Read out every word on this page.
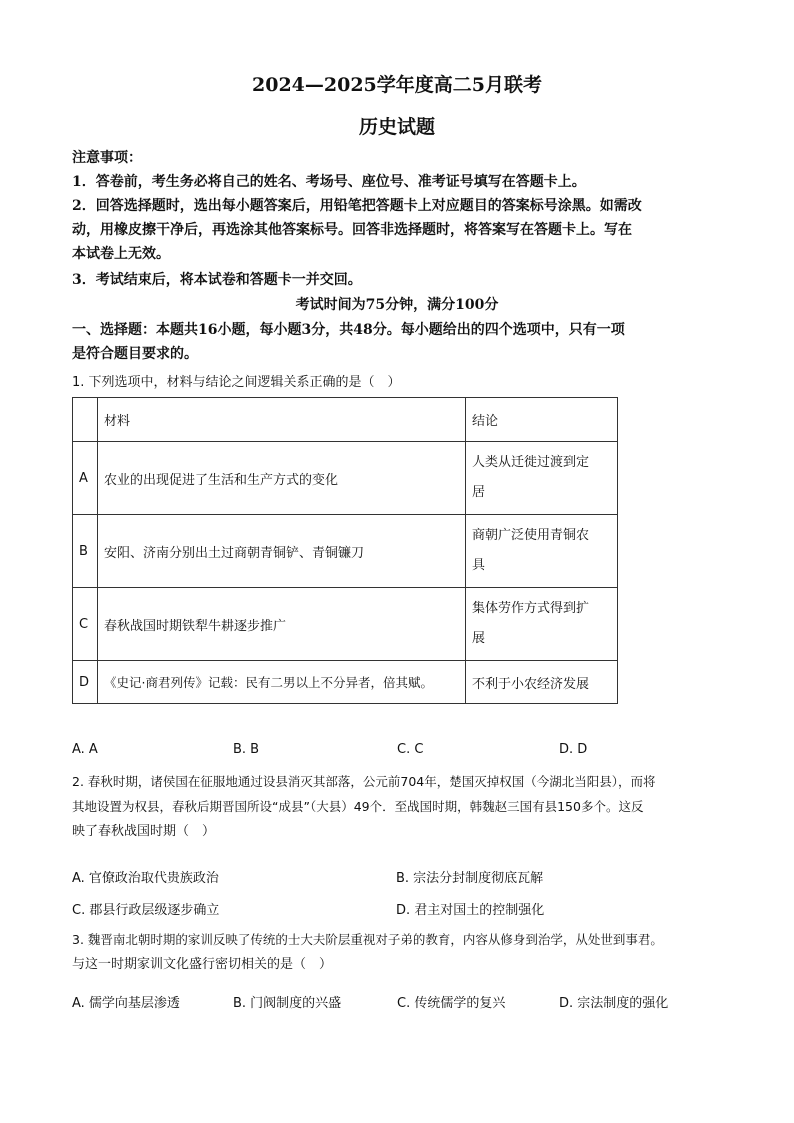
2024—2025学年度高二5月联考
历史试题
注意事项：
1．答卷前，考生务必将自己的姓名、考场号、座位号、准考证号填写在答题卡上。
2．回答选择题时，选出每小题答案后，用铅笔把答题卡上对应题目的答案标号涂黑。如需改
动，用橡皮擦干净后，再选涂其他答案标号。回答非选择题时，将答案写在答题卡上。写在
本试卷上无效。
3．考试结束后，将本试卷和答题卡一并交回。
考试时间为75分钟，满分100分
一、选择题：本题共16小题，每小题3分，共48分。每小题给出的四个选项中，只有一项
是符合题目要求的。
1. 下列选项中，材料与结论之间逻辑关系正确的是（　）
	材料	结论
A	农业的出现促进了生活和生产方式的变化	人类从迁徙过渡到定
居

B	安阳、济南分别出土过商朝青铜铲、青铜镰刀	商朝广泛使用青铜农
具

C	春秋战国时期铁犁牛耕逐步推广	集体劳作方式得到扩
展

D	《史记·商君列传》记载：民有二男以上不分异者，倍其赋。	不利于小农经济发展
A. A	B. B	C. C	D. D
2. 春秋时期，诸侯国在征服地通过设县消灭其部落，公元前704年，楚国灭掉权国（今湖北当阳县），而将
其地设置为权县，春秋后期晋国所设“成县”（大县）49个．至战国时期，韩魏赵三国有县150多个。这反
映了春秋战国时期（　）
A. 官僚政治取代贵族政治	B. 宗法分封制度彻底瓦解
C. 郡县行政层级逐步确立	D. 君主对国土的控制强化
3. 魏晋南北朝时期的家训反映了传统的士大夫阶层重视对子弟的教育，内容从修身到治学，从处世到事君。
与这一时期家训文化盛行密切相关的是（　）
A. 儒学向基层渗透	B. 门阀制度的兴盛	C. 传统儒学的复兴	D. 宗法制度的强化
